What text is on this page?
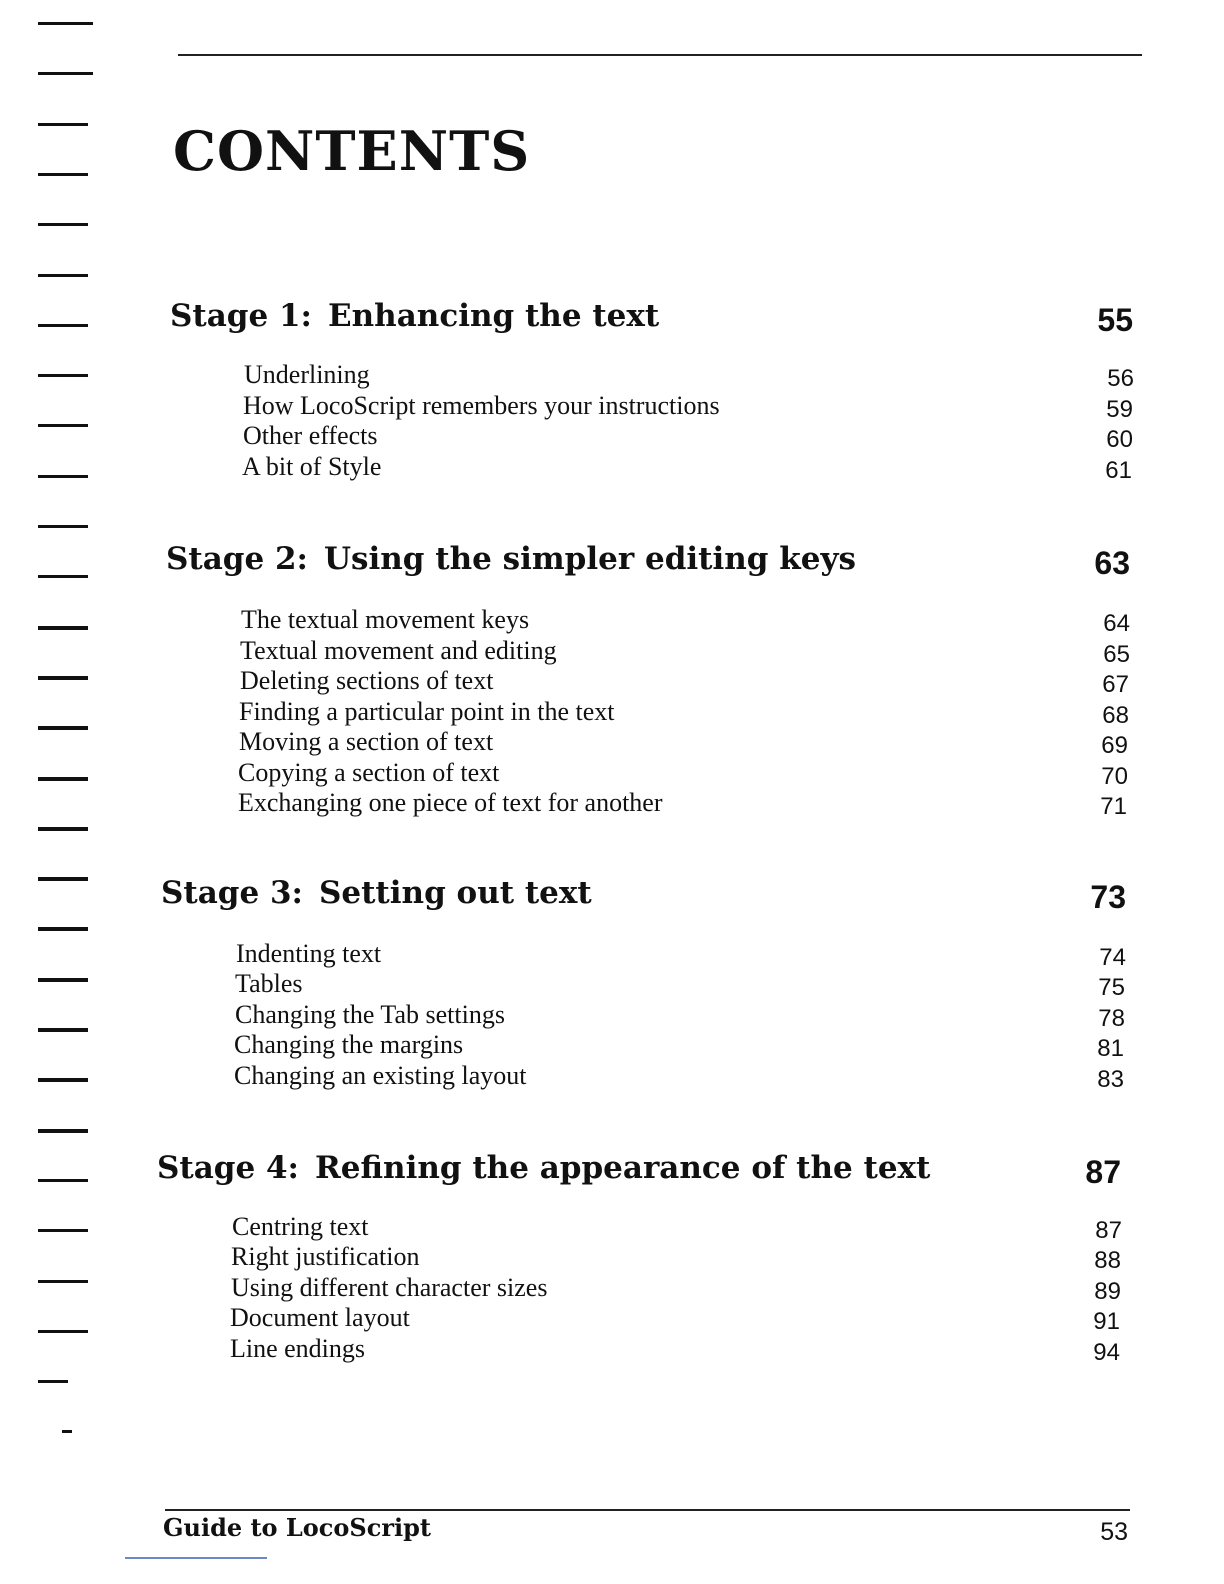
CONTENTS
Stage 1: Enhancing the text	55
Underlining	56
How LocoScript remembers your instructions	59
Other effects	60
A bit of Style	61
Stage 2: Using the simpler editing keys	63
The textual movement keys	64
Textual movement and editing	65
Deleting sections of text	67
Finding a particular point in the text	68
Moving a section of text	69
Copying a section of text	70
Exchanging one piece of text for another	71
Stage 3: Setting out text	73
Indenting text	74
Tables	75
Changing the Tab settings	78
Changing the margins	81
Changing an existing layout	83
Stage 4: Refining the appearance of the text	87
Centring text	87
Right justification	88
Using different character sizes	89
Document layout	91
Line endings	94
Guide to LocoScript	53
